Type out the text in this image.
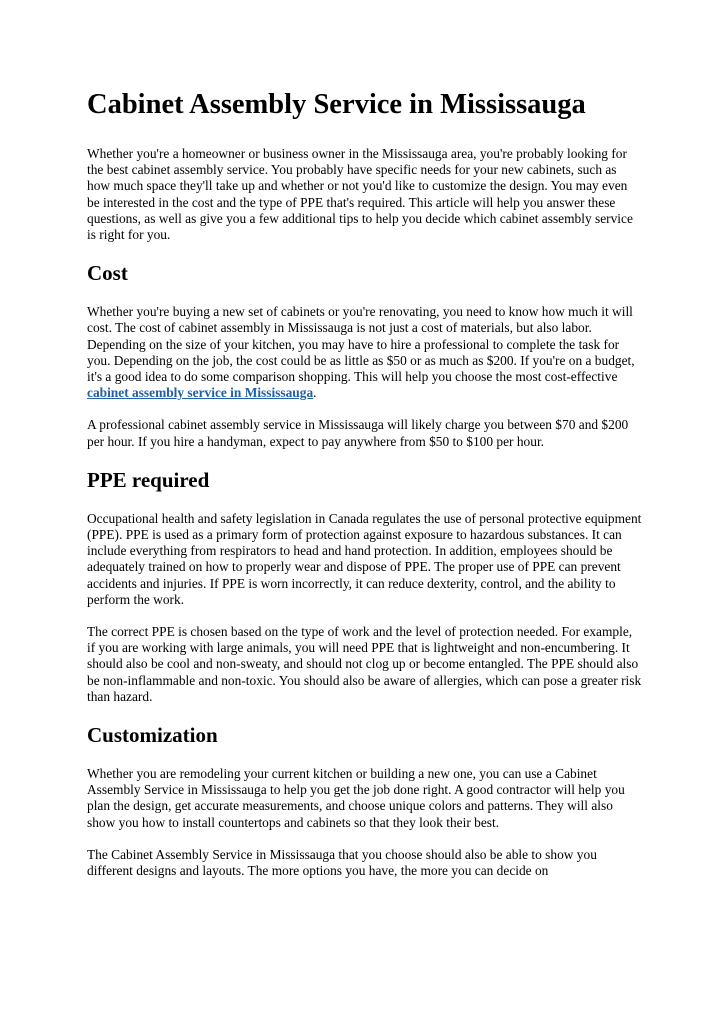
Cabinet Assembly Service in Mississauga

Whether you're a homeowner or business owner in the Mississauga area, you're probably looking for the best cabinet assembly service. You probably have specific needs for your new cabinets, such as how much space they'll take up and whether or not you'd like to customize the design. You may even be interested in the cost and the type of PPE that's required. This article will help you answer these questions, as well as give you a few additional tips to help you decide which cabinet assembly service is right for you.

Cost

Whether you're buying a new set of cabinets or you're renovating, you need to know how much it will cost. The cost of cabinet assembly in Mississauga is not just a cost of materials, but also labor. Depending on the size of your kitchen, you may have to hire a professional to complete the task for you. Depending on the job, the cost could be as little as $50 or as much as $200. If you're on a budget, it's a good idea to do some comparison shopping. This will help you choose the most cost-effective cabinet assembly service in Mississauga.

A professional cabinet assembly service in Mississauga will likely charge you between $70 and $200 per hour. If you hire a handyman, expect to pay anywhere from $50 to $100 per hour.

PPE required

Occupational health and safety legislation in Canada regulates the use of personal protective equipment (PPE). PPE is used as a primary form of protection against exposure to hazardous substances. It can include everything from respirators to head and hand protection. In addition, employees should be adequately trained on how to properly wear and dispose of PPE. The proper use of PPE can prevent accidents and injuries. If PPE is worn incorrectly, it can reduce dexterity, control, and the ability to perform the work.

The correct PPE is chosen based on the type of work and the level of protection needed. For example, if you are working with large animals, you will need PPE that is lightweight and non-encumbering. It should also be cool and non-sweaty, and should not clog up or become entangled. The PPE should also be non-inflammable and non-toxic. You should also be aware of allergies, which can pose a greater risk than hazard.

Customization

Whether you are remodeling your current kitchen or building a new one, you can use a Cabinet Assembly Service in Mississauga to help you get the job done right. A good contractor will help you plan the design, get accurate measurements, and choose unique colors and patterns. They will also show you how to install countertops and cabinets so that they look their best.

The Cabinet Assembly Service in Mississauga that you choose should also be able to show you different designs and layouts. The more options you have, the more you can decide on
